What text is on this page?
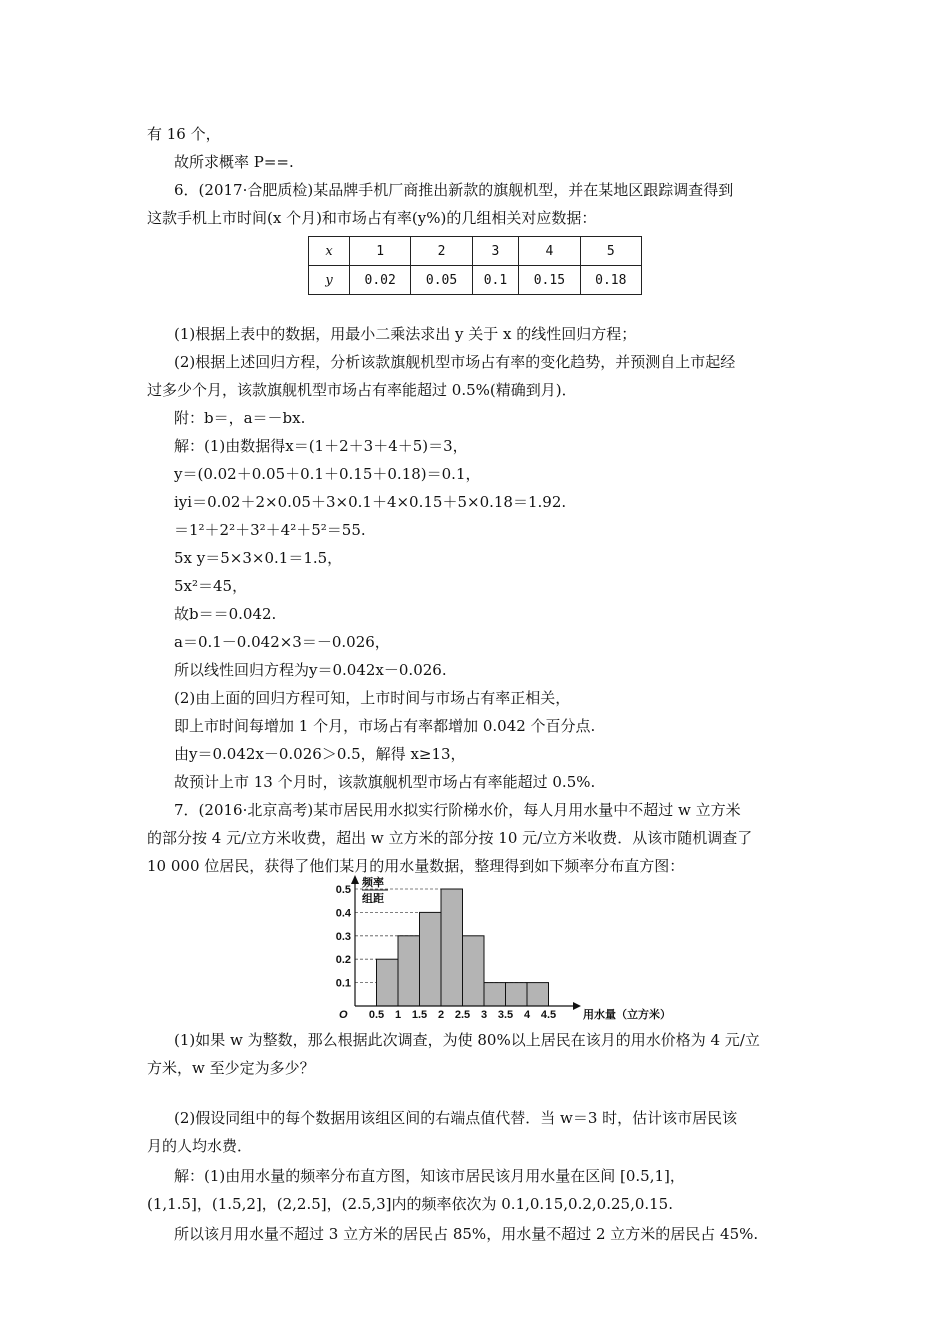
有 16 个，
故所求概率 P==.
6．(2017·合肥质检)某品牌手机厂商推出新款的旗舰机型，并在某地区跟踪调查得到
这款手机上市时间(x 个月)和市场占有率(y%)的几组相关对应数据：
x	1	2	3	4	5
y	0.02	0.05	0.1	0.15	0.18
(1)根据上表中的数据，用最小二乘法求出 y 关于 x 的线性回归方程；
(2)根据上述回归方程，分析该款旗舰机型市场占有率的变化趋势，并预测自上市起经
过多少个月，该款旗舰机型市场占有率能超过 0.5%(精确到月)．
附：b＝，a＝－bx.
解：(1)由数据得x＝(1＋2＋3＋4＋5)＝3，
y＝(0.02＋0.05＋0.1＋0.15＋0.18)＝0.1，
iyi＝0.02＋2×0.05＋3×0.1＋4×0.15＋5×0.18＝1.92.
＝1²＋2²＋3²＋4²＋5²＝55.
5x y＝5×3×0.1＝1.5，
5x²＝45，
故b＝＝0.042.
a＝0.1－0.042×3＝－0.026，
所以线性回归方程为y＝0.042x－0.026.
(2)由上面的回归方程可知，上市时间与市场占有率正相关，
即上市时间每增加 1 个月，市场占有率都增加 0.042 个百分点.
由y＝0.042x－0.026＞0.5，解得 x≥13，
故预计上市 13 个月时，该款旗舰机型市场占有率能超过 0.5%.
7．(2016·北京高考)某市居民用水拟实行阶梯水价，每人月用水量中不超过 w 立方米
的部分按 4 元/立方米收费，超出 w 立方米的部分按 10 元/立方米收费．从该市随机调查了
10 000 位居民，获得了他们某月的用水量数据，整理得到如下频率分布直方图：
频率
组距
O	用水量（立方米）
0.5 1 1.5 2 2.5 3 3.5 4 4.5
0.1
0.2
0.3
0.4
0.5
(1)如果 w 为整数，那么根据此次调查，为使 80%以上居民在该月的用水价格为 4 元/立
方米，w 至少定为多少？
(2)假设同组中的每个数据用该组区间的右端点值代替．当 w＝3 时，估计该市居民该
月的人均水费．
解：(1)由用水量的频率分布直方图，知该市居民该月用水量在区间 [0.5,1]，
(1,1.5]，(1.5,2]，(2,2.5]，(2.5,3]内的频率依次为 0.1,0.15,0.2,0.25,0.15.
所以该月用水量不超过 3 立方米的居民占 85%，用水量不超过 2 立方米的居民占 45%.
